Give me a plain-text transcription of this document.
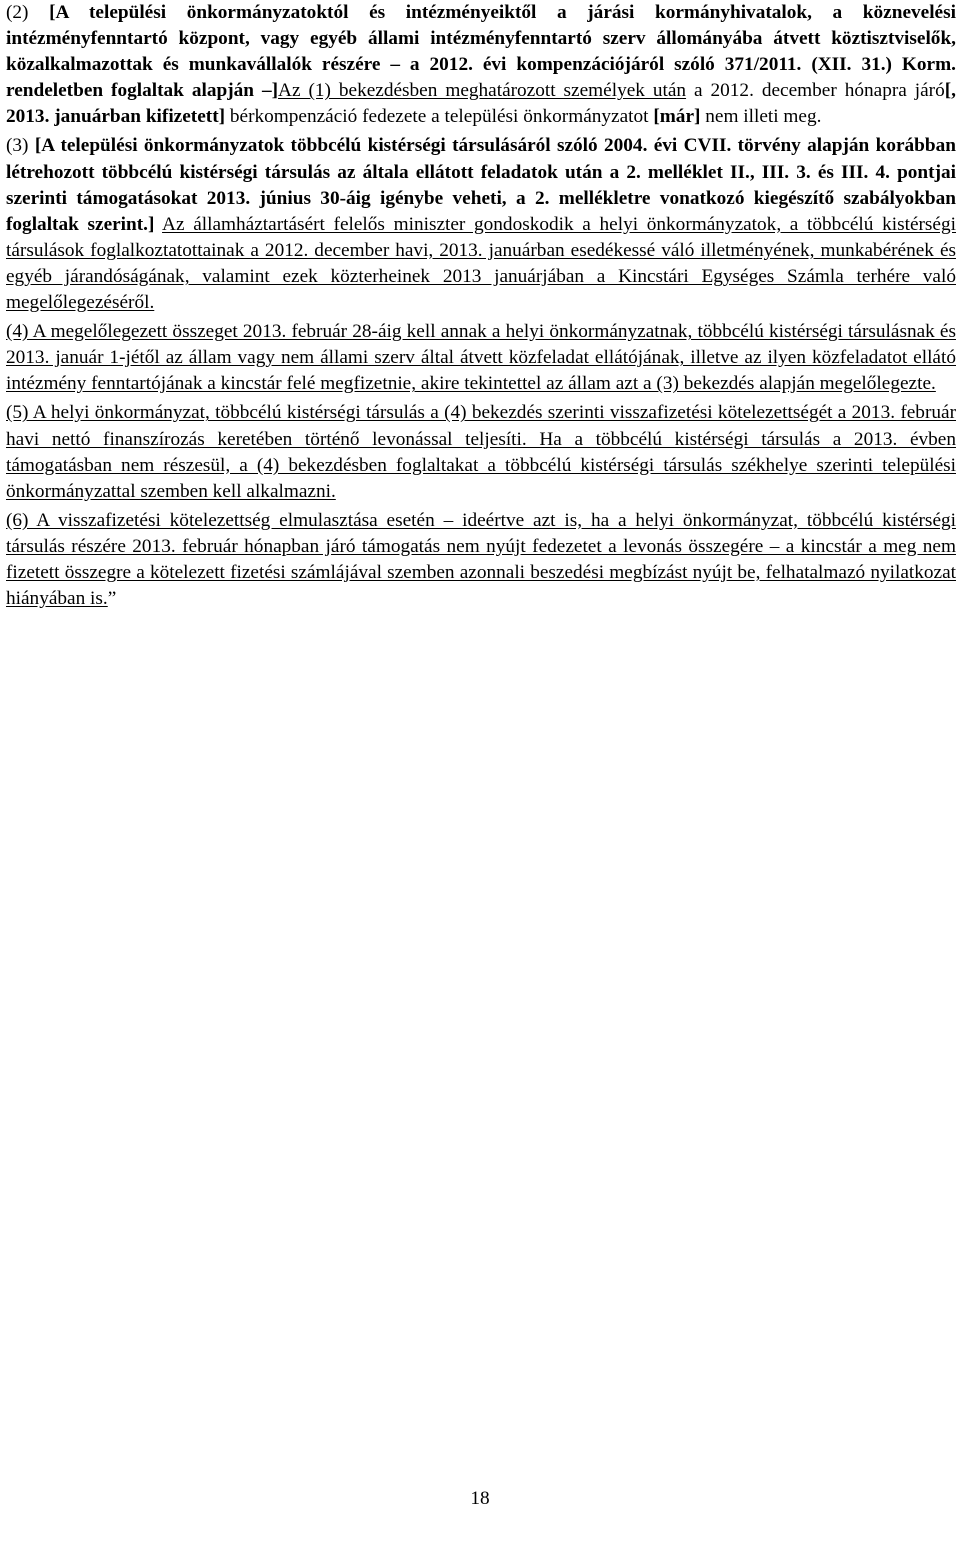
(2) [A települési önkormányzatoktól és intézményeiktől a járási kormányhivatalok, a köznevelési intézményfenntartó központ, vagy egyéb állami intézményfenntartó szerv állományába átvett köztisztviselők, közalkalmazottak és munkavállalók részére – a 2012. évi kompenzációjáról szóló 371/2011. (XII. 31.) Korm. rendeletben foglaltak alapján –]Az (1) bekezdésben meghatározott személyek után a 2012. december hónapra járó[, 2013. januárban kifizetett] bérkompenzáció fedezete a települési önkormányzatot [már] nem illeti meg.

(3) [A települési önkormányzatok többcélú kistérségi társulásáról szóló 2004. évi CVII. törvény alapján korábban létrehozott többcélú kistérségi társulás az általa ellátott feladatok után a 2. melléklet II., III. 3. és III. 4. pontjai szerinti támogatásokat 2013. június 30-áig igénybe veheti, a 2. mellékletre vonatkozó kiegészítő szabályokban foglaltak szerint.] Az államháztartásért felelős miniszter gondoskodik a helyi önkormányzatok, a többcélú kistérségi társulások foglalkoztatottainak a 2012. december havi, 2013. januárban esedékessé váló illetményének, munkabérének és egyéb járandóságának, valamint ezek közterheinek 2013 januárjában a Kincstári Egységes Számla terhére való megelőlegezéséről.

(4) A megelőlegezett összeget 2013. február 28-áig kell annak a helyi önkormányzatnak, többcélú kistérségi társulásnak és 2013. január 1-jétől az állam vagy nem állami szerv által átvett közfeladat ellátójának, illetve az ilyen közfeladatot ellátó intézmény fenntartójának a kincstár felé megfizetnie, akire tekintettel az állam azt a (3) bekezdés alapján megelőlegezte.

(5) A helyi önkormányzat, többcélú kistérségi társulás a (4) bekezdés szerinti visszafizetési kötelezettségét a 2013. február havi nettó finanszírozás keretében történő levonással teljesíti. Ha a többcélú kistérségi társulás a 2013. évben támogatásban nem részesül, a (4) bekezdésben foglaltakat a többcélú kistérségi társulás székhelye szerinti települési önkormányzattal szemben kell alkalmazni.

(6) A visszafizetési kötelezettség elmulasztása esetén – ideértve azt is, ha a helyi önkormányzat, többcélú kistérségi társulás részére 2013. február hónapban járó támogatás nem nyújt fedezetet a levonás összegére – a kincstár a meg nem fizetett összegre a kötelezett fizetési számlájával szemben azonnali beszedési megbízást nyújt be, felhatalmazó nyilatkozat hiányában is.”

18
